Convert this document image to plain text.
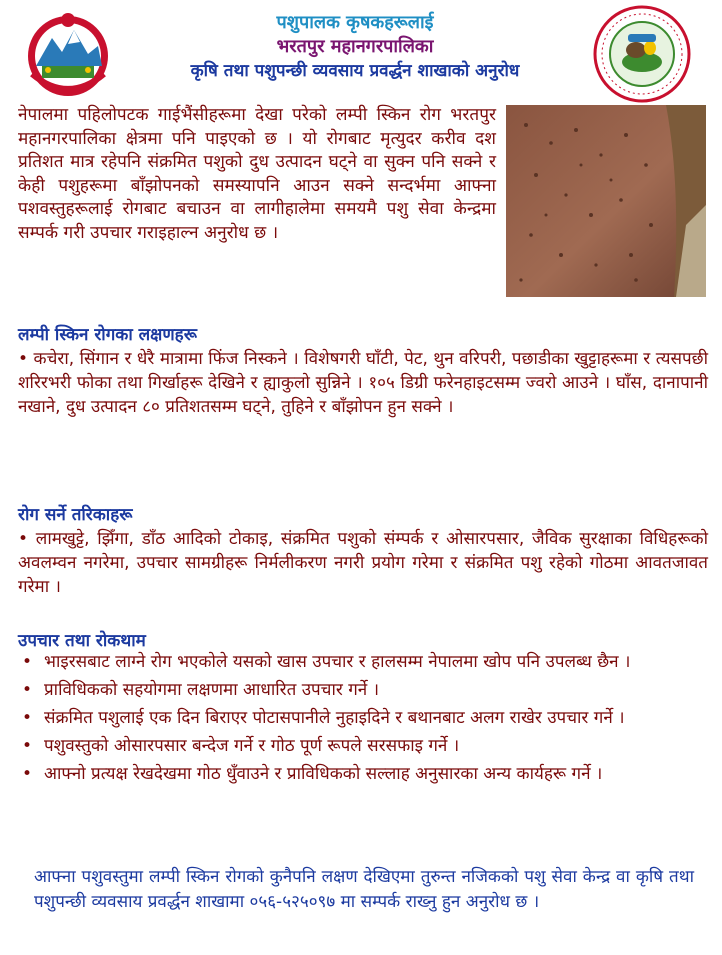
पशुपालक कृषकहरूलाई
भरतपुर महानगरपालिका
कृषि तथा पशुपन्छी व्यवसाय प्रवर्द्धन शाखाको अनुरोध
नेपालमा पहिलोपटक गाईभैंसीहरूमा देखा परेको लम्पी स्किन रोग भरतपुर महानगरपालिका क्षेत्रमा पनि पाइएको छ । यो रोगबाट मृत्युदर करीव दश प्रतिशत मात्र रहेपनि संक्रमित पशुको दुध उत्पादन घट्ने वा सुक्न पनि सक्ने र केही पशुहरूमा बाँझोपनको समस्यापनि आउन सक्ने सन्दर्भमा आफ्ना पशवस्तुहरूलाई रोगबाट बचाउन वा लागीहालेमा समयमै पशु सेवा केन्द्रमा सम्पर्क गरी उपचार गराइहाल्न अनुरोध छ ।
लम्पी स्किन रोगका लक्षणहरू
• कचेरा, सिंगान र धेरै मात्रामा फिंज निस्कने । विशेषगरी घाँटी, पेट, थुन वरिपरी, पछाडीका खुट्टाहरूमा र त्यसपछी शरिरभरी फोका तथा गिर्खाहरू देखिने र ह्याकुलो सुन्निने । १०५ डिग्री फरेनहाइटसम्म ज्वरो आउने । घाँस, दानापानी नखाने, दुध उत्पादन ८० प्रतिशतसम्म घट्ने, तुहिने र बाँझोपन हुन सक्ने ।
रोग सर्ने तरिकाहरू
• लामखुट्टे, झिँगा, डाँठ आदिको टोकाइ, संक्रमित पशुको संम्पर्क र ओसारपसार, जैविक सुरक्षाका विधिहरूको अवलम्वन नगरेमा, उपचार सामग्रीहरू निर्मलीकरण नगरी प्रयोग गरेमा र संक्रमित पशु रहेको गोठमा आवतजावत गरेमा ।
उपचार तथा रोकथाम
• भाइरसबाट लाग्ने रोग भएकोले यसको खास उपचार र हालसम्म नेपालमा खोप पनि उपलब्ध छैन ।
• प्राविधिकको सहयोगमा लक्षणमा आधारित उपचार गर्ने ।
• संक्रमित पशुलाई एक दिन बिराएर पोटासपानीले नुहाइदिने र बथानबाट अलग राखेर उपचार गर्ने ।
• पशुवस्तुको ओसारपसार बन्देज गर्ने र गोठ पूर्ण रूपले सरसफाइ गर्ने ।
• आफ्नो प्रत्यक्ष रेखदेखमा गोठ धुँवाउने र प्राविधिकको सल्लाह अनुसारका अन्य कार्यहरू गर्ने ।
आफ्ना पशुवस्तुमा लम्पी स्किन रोगको कुनैपनि लक्षण देखिएमा तुरुन्त नजिकको पशु सेवा केन्द्र वा कृषि तथा पशुपन्छी व्यवसाय प्रवर्द्धन शाखामा ०५६-५२५०९७ मा सम्पर्क राख्नु हुन अनुरोध छ ।
